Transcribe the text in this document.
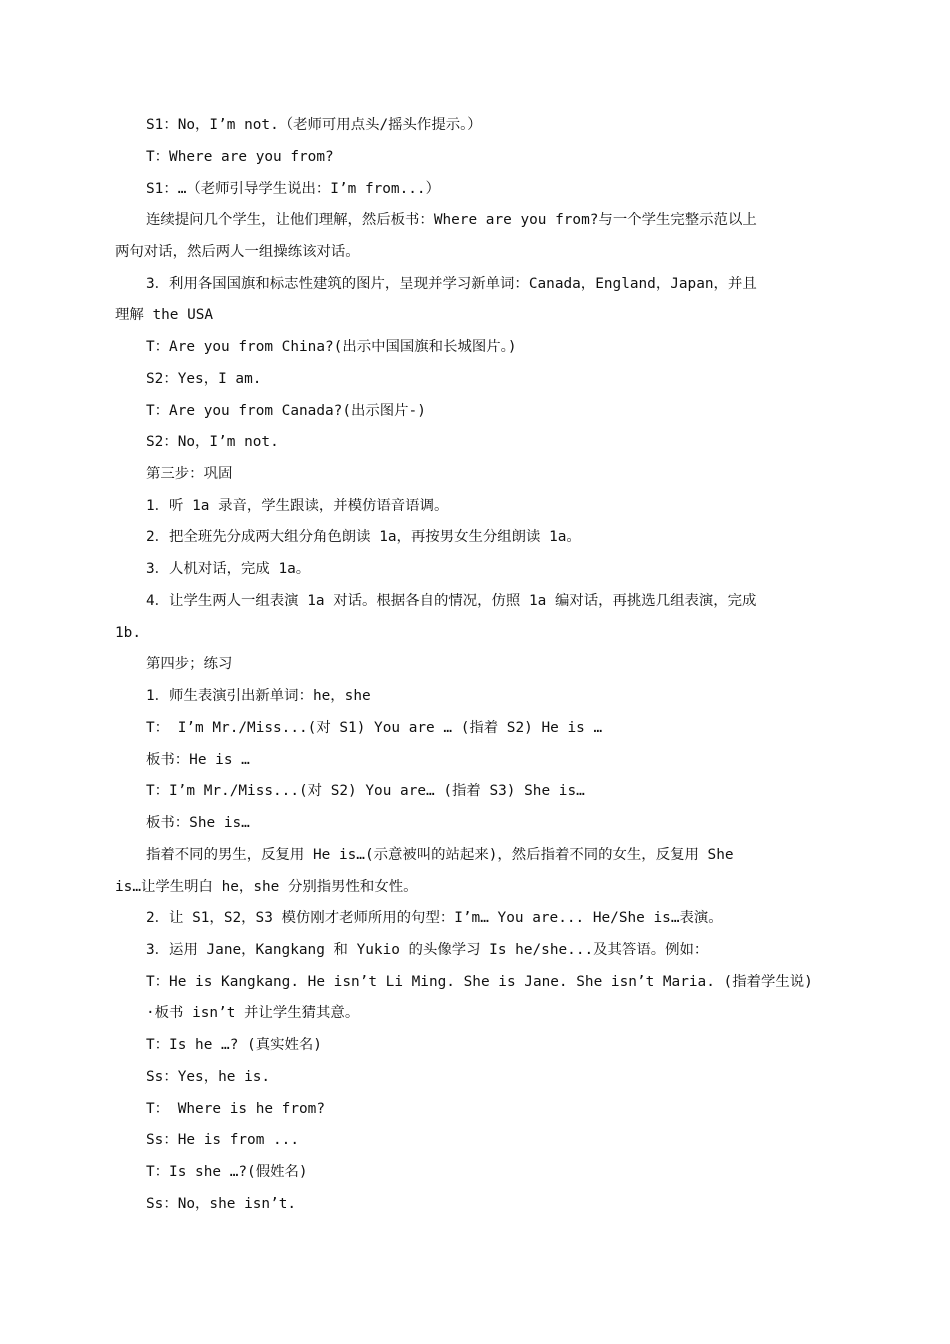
S1：No，I’m not.（老师可用点头/摇头作提示。）
T：Where are you from?
S1：…（老师引导学生说出：I’m from...）
连续提问几个学生，让他们理解，然后板书：Where are you from?与一个学生完整示范以上
两句对话，然后两人一组操练该对话。
3．利用各国国旗和标志性建筑的图片，呈现并学习新单词：Canada，England，Japan，并且
理解 the USA
T：Are you from China?(出示中国国旗和长城图片。)
S2：Yes，I am.
T：Are you from Canada?(出示图片-)
S2：No，I’m not.
第三步：巩固
1．听 1a 录音，学生跟读，并模仿语音语调。
2．把全班先分成两大组分角色朗读 1a，再按男女生分组朗读 1a。
3．人机对话，完成 1a。
4．让学生两人一组表演 1a 对话。根据各自的情况，仿照 1a 编对话，再挑选几组表演，完成
1b.
第四步；练习
1．师生表演引出新单词：he，she
T： I’m Mr./Miss...(对 S1) You are … (指着 S2) He is …
板书：He is …
T：I’m Mr./Miss...(对 S2) You are… (指着 S3) She is…
板书：She is…
指着不同的男生，反复用 He is…(示意被叫的站起来)，然后指着不同的女生，反复用 She
is…让学生明白 he，she 分别指男性和女性。
2．让 S1，S2，S3 模仿刚才老师所用的句型：I’m… You are... He/She is…表演。
3．运用 Jane，Kangkang 和 Yukio 的头像学习 Is he/she...及其答语。例如：
T：He is Kangkang. He isn’t Li Ming. She is Jane. She isn’t Maria. (指着学生说)
·板书 isn’t 并让学生猜其意。
T：Is he …? (真实姓名)
Ss：Yes，he is.
T： Where is he from?
Ss：He is from ...
T：Is she …?(假姓名)
Ss：No，she isn’t.
